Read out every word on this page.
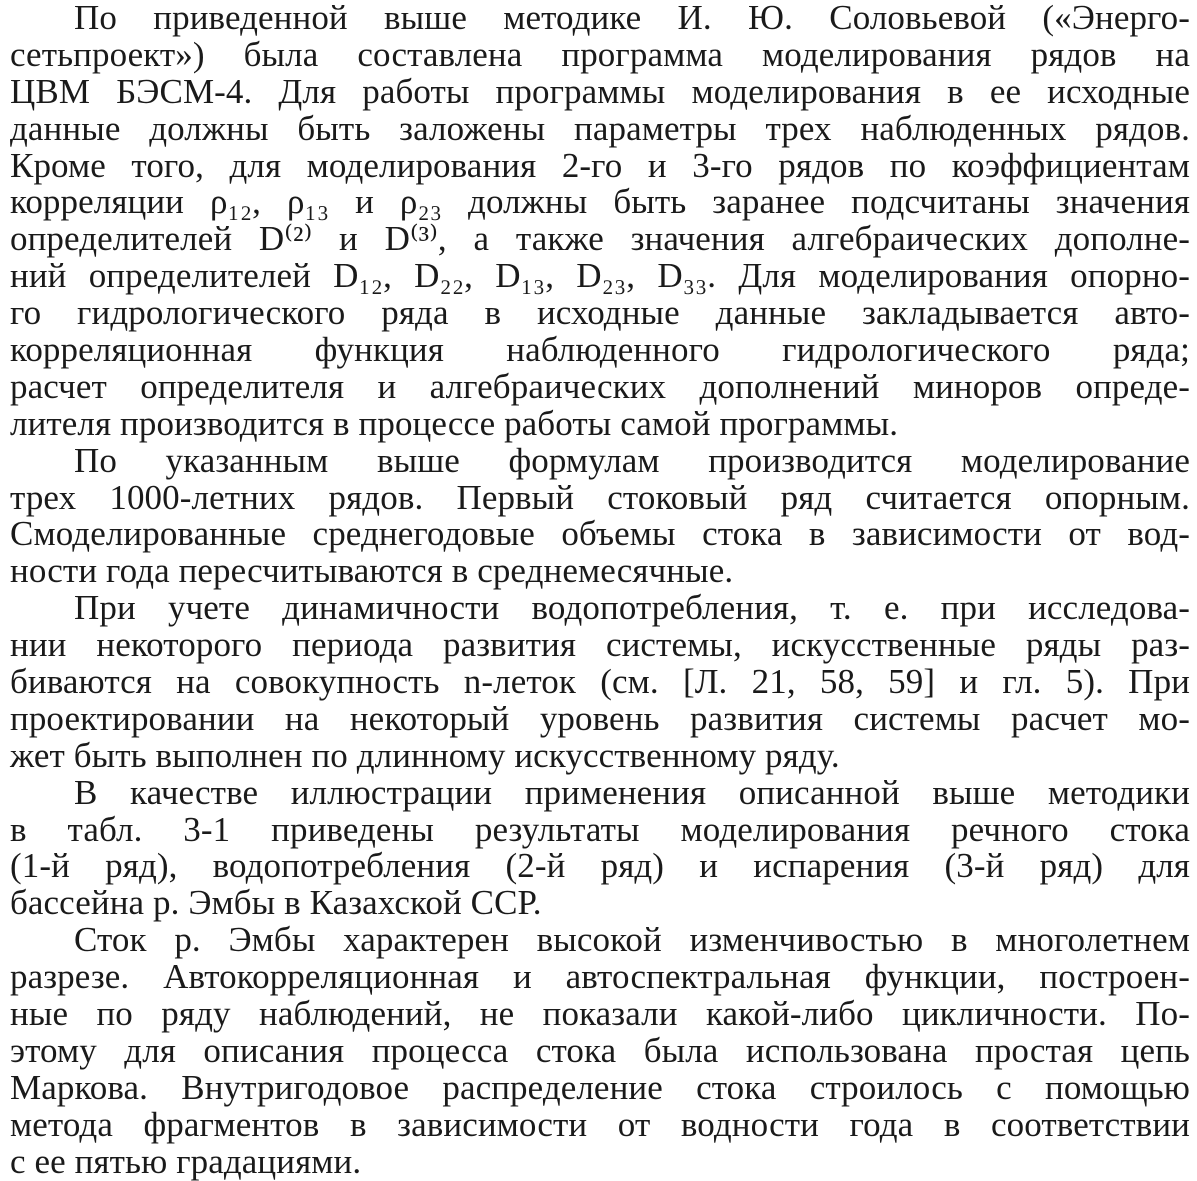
По приведенной выше методике И. Ю. Соловьевой («Энерго-
сетьпроект») была составлена программа моделирования рядов на
ЦВМ БЭСМ-4. Для работы программы моделирования в ее исходные
данные должны быть заложены параметры трех наблюденных рядов.
Кроме того, для моделирования 2-го и 3-го рядов по коэффициентам
корреляции ρ₁₂, ρ₁₃ и ρ₂₃ должны быть заранее подсчитаны значения
определителей D⁽²⁾ и D⁽³⁾, а также значения алгебраических дополне-
ний определителей D₁₂, D₂₂, D₁₃, D₂₃, D₃₃. Для моделирования опорно-
го гидрологического ряда в исходные данные закладывается авто-
корреляционная функция наблюденного гидрологического ряда;
расчет определителя и алгебраических дополнений миноров опреде-
лителя производится в процессе работы самой программы.
По указанным выше формулам производится моделирование
трех 1000-летних рядов. Первый стоковый ряд считается опорным.
Смоделированные среднегодовые объемы стока в зависимости от вод-
ности года пересчитываются в среднемесячные.
При учете динамичности водопотребления, т. е. при исследова-
нии некоторого периода развития системы, искусственные ряды раз-
биваются на совокупность n-леток (см. [Л. 21, 58, 59] и гл. 5). При
проектировании на некоторый уровень развития системы расчет мо-
жет быть выполнен по длинному искусственному ряду.
В качестве иллюстрации применения описанной выше методики
в табл. 3-1 приведены результаты моделирования речного стока
(1-й ряд), водопотребления (2-й ряд) и испарения (3-й ряд) для
бассейна р. Эмбы в Казахской ССР.
Сток р. Эмбы характерен высокой изменчивостью в многолетнем
разрезе. Автокорреляционная и автоспектральная функции, построен-
ные по ряду наблюдений, не показали какой-либо цикличности. По-
этому для описания процесса стока была использована простая цепь
Маркова. Внутригодовое распределение стока строилось с помощью
метода фрагментов в зависимости от водности года в соответствии
с ее пятью градациями.
